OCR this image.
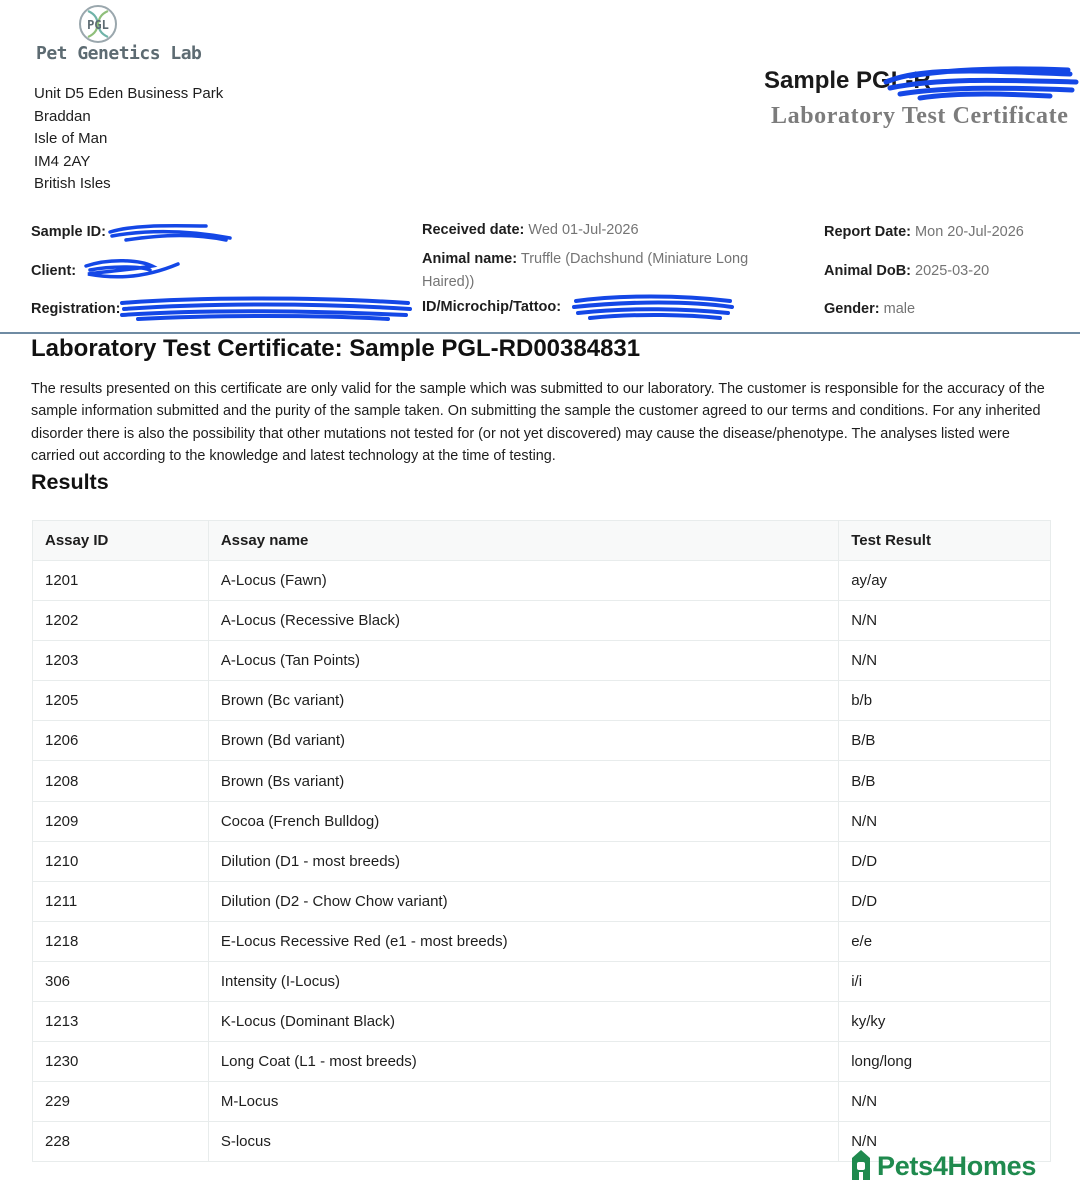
PGL
Pet Genetics Lab
Unit D5 Eden Business Park
Braddan
Isle of Man
IM4 2AY
British Isles
Sample PGL-R
Laboratory Test Certificate
Sample ID:
Client:
Registration:
Received date: Wed 01-Jul-2026
Animal name: Truffle (Dachshund (Miniature Long Haired))
ID/Microchip/Tattoo:
Report Date: Mon 20-Jul-2026
Animal DoB: 2025-03-20
Gender: male
Laboratory Test Certificate: Sample PGL-RD00384831
The results presented on this certificate are only valid for the sample which was submitted to our laboratory. The customer is responsible for the accuracy of the sample information submitted and the purity of the sample taken. On submitting the sample the customer agreed to our terms and conditions. For any inherited disorder there is also the possibility that other mutations not tested for (or not yet discovered) may cause the disease/phenotype. The analyses listed were carried out according to the knowledge and latest technology at the time of testing.
Results
Assay ID	Assay name	Test Result
1201	A-Locus (Fawn)	ay/ay
1202	A-Locus (Recessive Black)	N/N
1203	A-Locus (Tan Points)	N/N
1205	Brown (Bc variant)	b/b
1206	Brown (Bd variant)	B/B
1208	Brown (Bs variant)	B/B
1209	Cocoa (French Bulldog)	N/N
1210	Dilution (D1 - most breeds)	D/D
1211	Dilution (D2 - Chow Chow variant)	D/D
1218	E-Locus Recessive Red (e1 - most breeds)	e/e
306	Intensity (I-Locus)	i/i
1213	K-Locus (Dominant Black)	ky/ky
1230	Long Coat (L1 - most breeds)	long/long
229	M-Locus	N/N
228	S-locus	N/N
Pets4Homes
